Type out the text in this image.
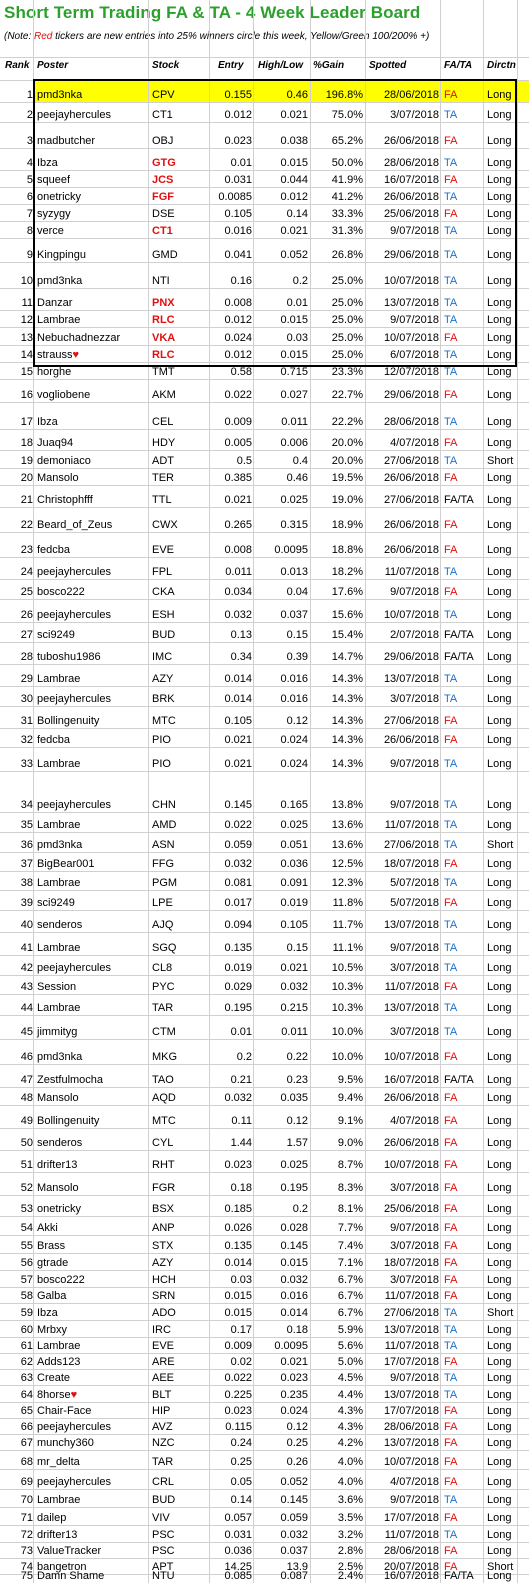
Short Term Trading FA & TA - 4 Week Leader Board
(Note: Red tickers are new entries into 25% winners circle this week, Yellow/Green 100/200% +)
Rank Poster	Stock	Entry High/Low %Gain Spotted	FA/TA Dirctn
1 pmd3nka	CPV	0.155	0.46	196.8%	28/06/2018 FA	Long
2 peejayhercules	CT1	0.012	0.021	75.0%	3/07/2018 TA	Long
3 madbutcher	OBJ	0.023	0.038	65.2%	26/06/2018 FA	Long
4 Ibza	GTG	0.01	0.015	50.0%	28/06/2018 TA	Long
5 squeef	JCS	0.031	0.044	41.9%	16/07/2018 FA	Long
6 onetricky	FGF	0.0085	0.012	41.2%	26/06/2018 TA	Long
7 syzygy	DSE	0.105	0.14	33.3%	25/06/2018 FA	Long
8 verce	CT1	0.016	0.021	31.3%	9/07/2018 TA	Long
9 Kingpingu	GMD	0.041	0.052	26.8%	29/06/2018 TA	Long
10 pmd3nka	NTI	0.16	0.2	25.0%	10/07/2018 TA	Long
11 Danzar	PNX	0.008	0.01	25.0%	13/07/2018 TA	Long
12 Lambrae	RLC	0.012	0.015	25.0%	9/07/2018 TA	Long
13 Nebuchadnezzar	VKA	0.024	0.03	25.0%	10/07/2018 FA	Long
14 strauss♥	RLC	0.012	0.015	25.0%	6/07/2018 TA	Long
15 horghe	TMT	0.58	0.715	23.3%	12/07/2018 TA	Long
16 vogliobene	AKM	0.022	0.027	22.7%	29/06/2018 FA	Long
17 Ibza	CEL	0.009	0.011	22.2%	28/06/2018 TA	Long
18 Juaq94	HDY	0.005	0.006	20.0%	4/07/2018 FA	Long
19 demoniaco	ADT	0.5	0.4	20.0%	27/06/2018 TA	Short
20 Mansolo	TER	0.385	0.46	19.5%	26/06/2018 FA	Long
21 Christophfff	TTL	0.021	0.025	19.0%	27/06/2018 FA/TA Long
22 Beard_of_Zeus	CWX	0.265	0.315	18.9%	26/06/2018 FA	Long
23 fedcba	EVE	0.008	0.0095	18.8%	26/06/2018 FA	Long
24 peejayhercules	FPL	0.011	0.013	18.2%	11/07/2018 TA	Long
25 bosco222	CKA	0.034	0.04	17.6%	9/07/2018 FA	Long
26 peejayhercules	ESH	0.032	0.037	15.6%	10/07/2018 TA	Long
27 sci9249	BUD	0.13	0.15	15.4%	2/07/2018 FA/TA Long
28 tuboshu1986	IMC	0.34	0.39	14.7%	29/06/2018 FA/TA Long
29 Lambrae	AZY	0.014	0.016	14.3%	13/07/2018 TA	Long
30 peejayhercules	BRK	0.014	0.016	14.3%	3/07/2018 TA	Long
31 Bollingenuity	MTC	0.105	0.12	14.3%	27/06/2018 FA	Long
32 fedcba	PIO	0.021	0.024	14.3%	26/06/2018 FA	Long
33 Lambrae	PIO	0.021	0.024	14.3%	9/07/2018 TA	Long
34 peejayhercules	CHN	0.145	0.165	13.8%	9/07/2018 TA	Long
35 Lambrae	AMD	0.022	0.025	13.6%	11/07/2018 TA	Long
36 pmd3nka	ASN	0.059	0.051	13.6%	27/06/2018 TA	Short
37 BigBear001	FFG	0.032	0.036	12.5%	18/07/2018 FA	Long
38 Lambrae	PGM	0.081	0.091	12.3%	5/07/2018 TA	Long
39 sci9249	LPE	0.017	0.019	11.8%	5/07/2018 FA	Long
40 senderos	AJQ	0.094	0.105	11.7%	13/07/2018 TA	Long
41 Lambrae	SGQ	0.135	0.15	11.1%	9/07/2018 TA	Long
42 peejayhercules	CL8	0.019	0.021	10.5%	3/07/2018 TA	Long
43 Session	PYC	0.029	0.032	10.3%	11/07/2018 FA	Long
44 Lambrae	TAR	0.195	0.215	10.3%	13/07/2018 TA	Long
45 jimmityg	CTM	0.01	0.011	10.0%	3/07/2018 TA	Long
46 pmd3nka	MKG	0.2	0.22	10.0%	10/07/2018 FA	Long
47 Zestfulmocha	TAO	0.21	0.23	9.5%	16/07/2018 FA/TA Long
48 Mansolo	AQD	0.032	0.035	9.4%	26/06/2018 FA	Long
49 Bollingenuity	MTC	0.11	0.12	9.1%	4/07/2018 FA	Long
50 senderos	CYL	1.44	1.57	9.0%	26/06/2018 FA	Long
51 drifter13	RHT	0.023	0.025	8.7%	10/07/2018 FA	Long
52 Mansolo	FGR	0.18	0.195	8.3%	3/07/2018 FA	Long
53 onetricky	BSX	0.185	0.2	8.1%	25/06/2018 FA	Long
54 Akki	ANP	0.026	0.028	7.7%	9/07/2018 FA	Long
55 Brass	STX	0.135	0.145	7.4%	3/07/2018 FA	Long
56 gtrade	AZY	0.014	0.015	7.1%	18/07/2018 FA	Long
57 bosco222	HCH	0.03	0.032	6.7%	3/07/2018 FA	Long
58 Galba	SRN	0.015	0.016	6.7%	11/07/2018 FA	Long
59 Ibza	ADO	0.015	0.014	6.7%	27/06/2018 TA	Short
60 Mrbxy	IRC	0.17	0.18	5.9%	13/07/2018 TA	Long
61 Lambrae	EVE	0.009	0.0095	5.6%	11/07/2018 TA	Long
62 Adds123	ARE	0.02	0.021	5.0%	17/07/2018 FA	Long
63 Create	AEE	0.022	0.023	4.5%	9/07/2018 TA	Long
64 8horse♥	BLT	0.225	0.235	4.4%	13/07/2018 TA	Long
65 Chair-Face	HIP	0.023	0.024	4.3%	17/07/2018 FA	Long
66 peejayhercules	AVZ	0.115	0.12	4.3%	28/06/2018 FA	Long
67 munchy360	NZC	0.24	0.25	4.2%	13/07/2018 FA	Long
68 mr_delta	TAR	0.25	0.26	4.0%	10/07/2018 FA	Long
69 peejayhercules	CRL	0.05	0.052	4.0%	4/07/2018 FA	Long
70 Lambrae	BUD	0.14	0.145	3.6%	9/07/2018 TA	Long
71 dailep	VIV	0.057	0.059	3.5%	17/07/2018 FA	Long
72 drifter13	PSC	0.031	0.032	3.2%	11/07/2018 TA	Long
73 ValueTracker	PSC	0.036	0.037	2.8%	28/06/2018 FA	Long
74 bangetron	APT	14.25	13.9	2.5%	20/07/2018 FA	Short
75 Damn Shame	NTU	0.085	0.087	2.4%	16/07/2018 FA/TA Long
